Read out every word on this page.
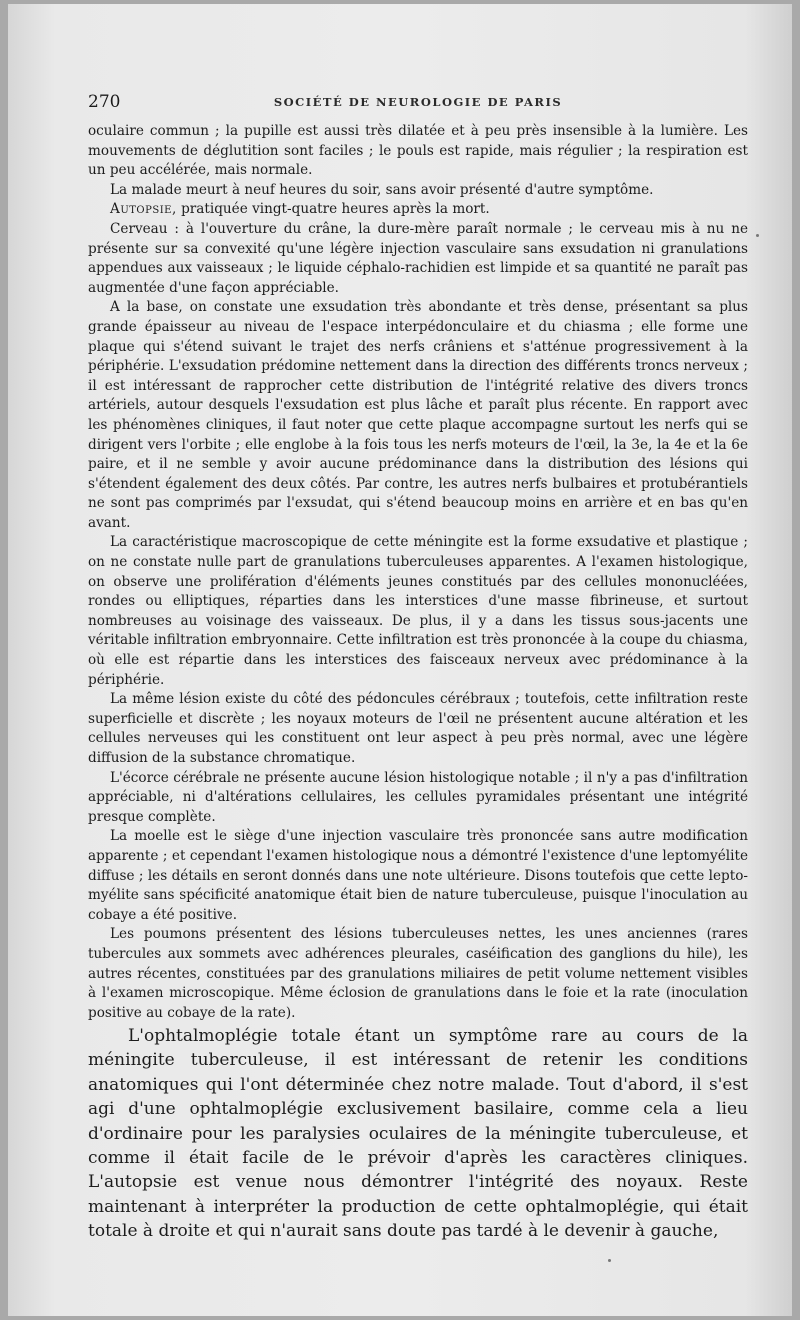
270	SOCIÉTÉ DE NEUROLOGIE DE PARIS

oculaire commun ; la pupille est aussi très dilatée et à peu près insensible à la lumière. Les mouvements de déglutition sont faciles ; le pouls est rapide, mais régulier ; la respiration est un peu accélérée, mais normale.

La malade meurt à neuf heures du soir, sans avoir présenté d'autre symptôme.

Autopsie, pratiquée vingt-quatre heures après la mort.

Cerveau : à l'ouverture du crâne, la dure-mère paraît normale ; le cerveau mis à nu ne présente sur sa convexité qu'une légère injection vasculaire sans exsudation ni granulations appendues aux vaisseaux ; le liquide céphalo-rachidien est limpide et sa quantité ne paraît pas augmentée d'une façon appréciable.

A la base, on constate une exsudation très abondante et très dense, présentant sa plus grande épaisseur au niveau de l'espace interpédonculaire et du chiasma ; elle forme une plaque qui s'étend suivant le trajet des nerfs crâniens et s'atténue progressivement à la périphérie. L'exsudation prédomine nettement dans la direction des différents troncs nerveux ; il est intéressant de rapprocher cette distribution de l'intégrité relative des divers troncs artériels, autour desquels l'exsudation est plus lâche et paraît plus récente. En rapport avec les phénomènes cliniques, il faut noter que cette plaque accompagne surtout les nerfs qui se dirigent vers l'orbite ; elle englobe à la fois tous les nerfs moteurs de l'œil, la 3e, la 4e et la 6e paire, et il ne semble y avoir aucune prédominance dans la distribution des lésions qui s'étendent également des deux côtés. Par contre, les autres nerfs bulbaires et protubérantiels ne sont pas comprimés par l'exsudat, qui s'étend beaucoup moins en arrière et en bas qu'en avant.

La caractéristique macroscopique de cette méningite est la forme exsudative et plastique ; on ne constate nulle part de granulations tuberculeuses apparentes. A l'examen histologique, on observe une prolifération d'éléments jeunes constitués par des cellules mononucléées, rondes ou elliptiques, réparties dans les interstices d'une masse fibrineuse, et surtout nombreuses au voisinage des vaisseaux. De plus, il y a dans les tissus sous-jacents une véritable infiltration embryonnaire. Cette infiltration est très prononcée à la coupe du chiasma, où elle est répartie dans les interstices des faisceaux nerveux avec prédominance à la périphérie.

La même lésion existe du côté des pédoncules cérébraux ; toutefois, cette infiltration reste superficielle et discrète ; les noyaux moteurs de l'œil ne présentent aucune altération et les cellules nerveuses qui les constituent ont leur aspect à peu près normal, avec une légère diffusion de la substance chromatique.

L'écorce cérébrale ne présente aucune lésion histologique notable ; il n'y a pas d'infiltration appréciable, ni d'altérations cellulaires, les cellules pyramidales présentant une intégrité presque complète.

La moelle est le siège d'une injection vasculaire très prononcée sans autre modification apparente ; et cependant l'examen histologique nous a démontré l'existence d'une leptomyélite diffuse ; les détails en seront donnés dans une note ultérieure. Disons toutefois que cette lepto-myélite sans spécificité anatomique était bien de nature tuberculeuse, puisque l'inoculation au cobaye a été positive.

Les poumons présentent des lésions tuberculeuses nettes, les unes anciennes (rares tubercules aux sommets avec adhérences pleurales, caséification des ganglions du hile), les autres récentes, constituées par des granulations miliaires de petit volume nettement visibles à l'examen microscopique. Même éclosion de granulations dans le foie et la rate (inoculation positive au cobaye de la rate).

L'ophtalmoplégie totale étant un symptôme rare au cours de la méningite tuberculeuse, il est intéressant de retenir les conditions anatomiques qui l'ont déterminée chez notre malade. Tout d'abord, il s'est agi d'une ophtalmoplégie exclusivement basilaire, comme cela a lieu d'ordinaire pour les paralysies oculaires de la méningite tuberculeuse, et comme il était facile de le prévoir d'après les caractères cliniques. L'autopsie est venue nous démontrer l'intégrité des noyaux. Reste maintenant à interpréter la production de cette ophtalmoplégie, qui était totale à droite et qui n'aurait sans doute pas tardé à le devenir à gauche,
